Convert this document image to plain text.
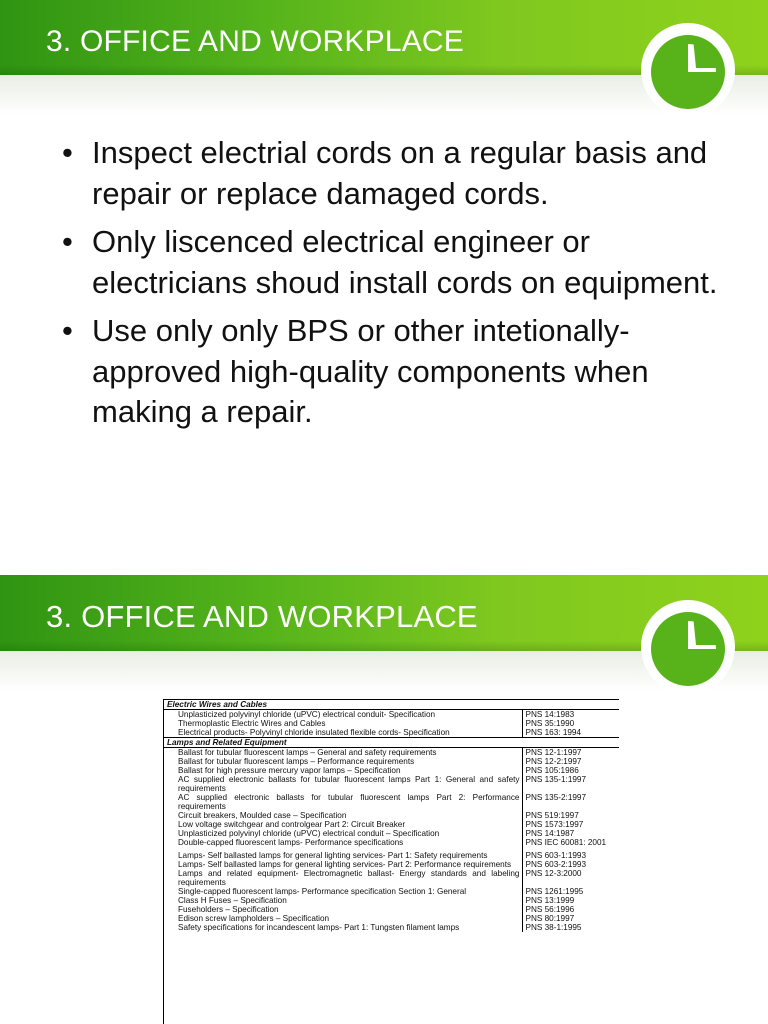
3. OFFICE AND WORKPLACE
• Inspect electrial cords on a regular basis and repair or replace damaged cords.
• Only liscenced electrical engineer or electricians shoud install cords on equipment.
• Use only only BPS or other intetionally-approved high-quality components when making a repair.
3. OFFICE AND WORKPLACE
Electric Wires and Cables	
Unplasticized polyvinyl chloride (uPVC) electrical conduit- Specification	PNS 14:1983
Thermoplastic Electric Wires and Cables	PNS 35:1990
Electrical products- Polyvinyl chloride insulated flexible cords- Specification	PNS 163: 1994
Lamps and Related Equipment	
Ballast for tubular fluorescent lamps – General and safety requirements	PNS 12-1:1997
Ballast for tubular fluorescent lamps – Performance requirements	PNS 12-2:1997
Ballast for high pressure mercury vapor lamps – Specification	PNS 105:1986
AC supplied electronic ballasts for tubular fluorescent lamps Part 1: General and safety requirements	PNS 135-1:1997
AC supplied electronic ballasts for tubular fluorescent lamps Part 2: Performance requirements	PNS 135-2:1997
Circuit breakers, Moulded case – Specification	PNS 519:1997
Low voltage switchgear and controlgear Part 2: Circuit Breaker	PNS 1573:1997
Unplasticized polyvinyl chloride (uPVC) electrical conduit – Specification	PNS 14:1987
Double-capped fluorescent lamps- Performance specifications	PNS IEC 60081: 2001
Lamps- Self ballasted lamps for general lighting services- Part 1: Safety requirements	PNS 603-1:1993
Lamps- Self ballasted lamps for general lighting services- Part 2: Performance requirements	PNS 603-2:1993
Lamps and related equipment- Electromagnetic ballast- Energy standards and labeling requirements	PNS 12-3:2000
Single-capped fluorescent lamps- Performance specification Section 1: General	PNS 1261:1995
Class H Fuses – Specification	PNS 13:1999
Fuseholders – Specification	PNS 56:1996
Edison screw lampholders – Specification	PNS 80:1997
Safety specifications for incandescent lamps- Part 1: Tungsten filament lamps	PNS 38-1:1995
